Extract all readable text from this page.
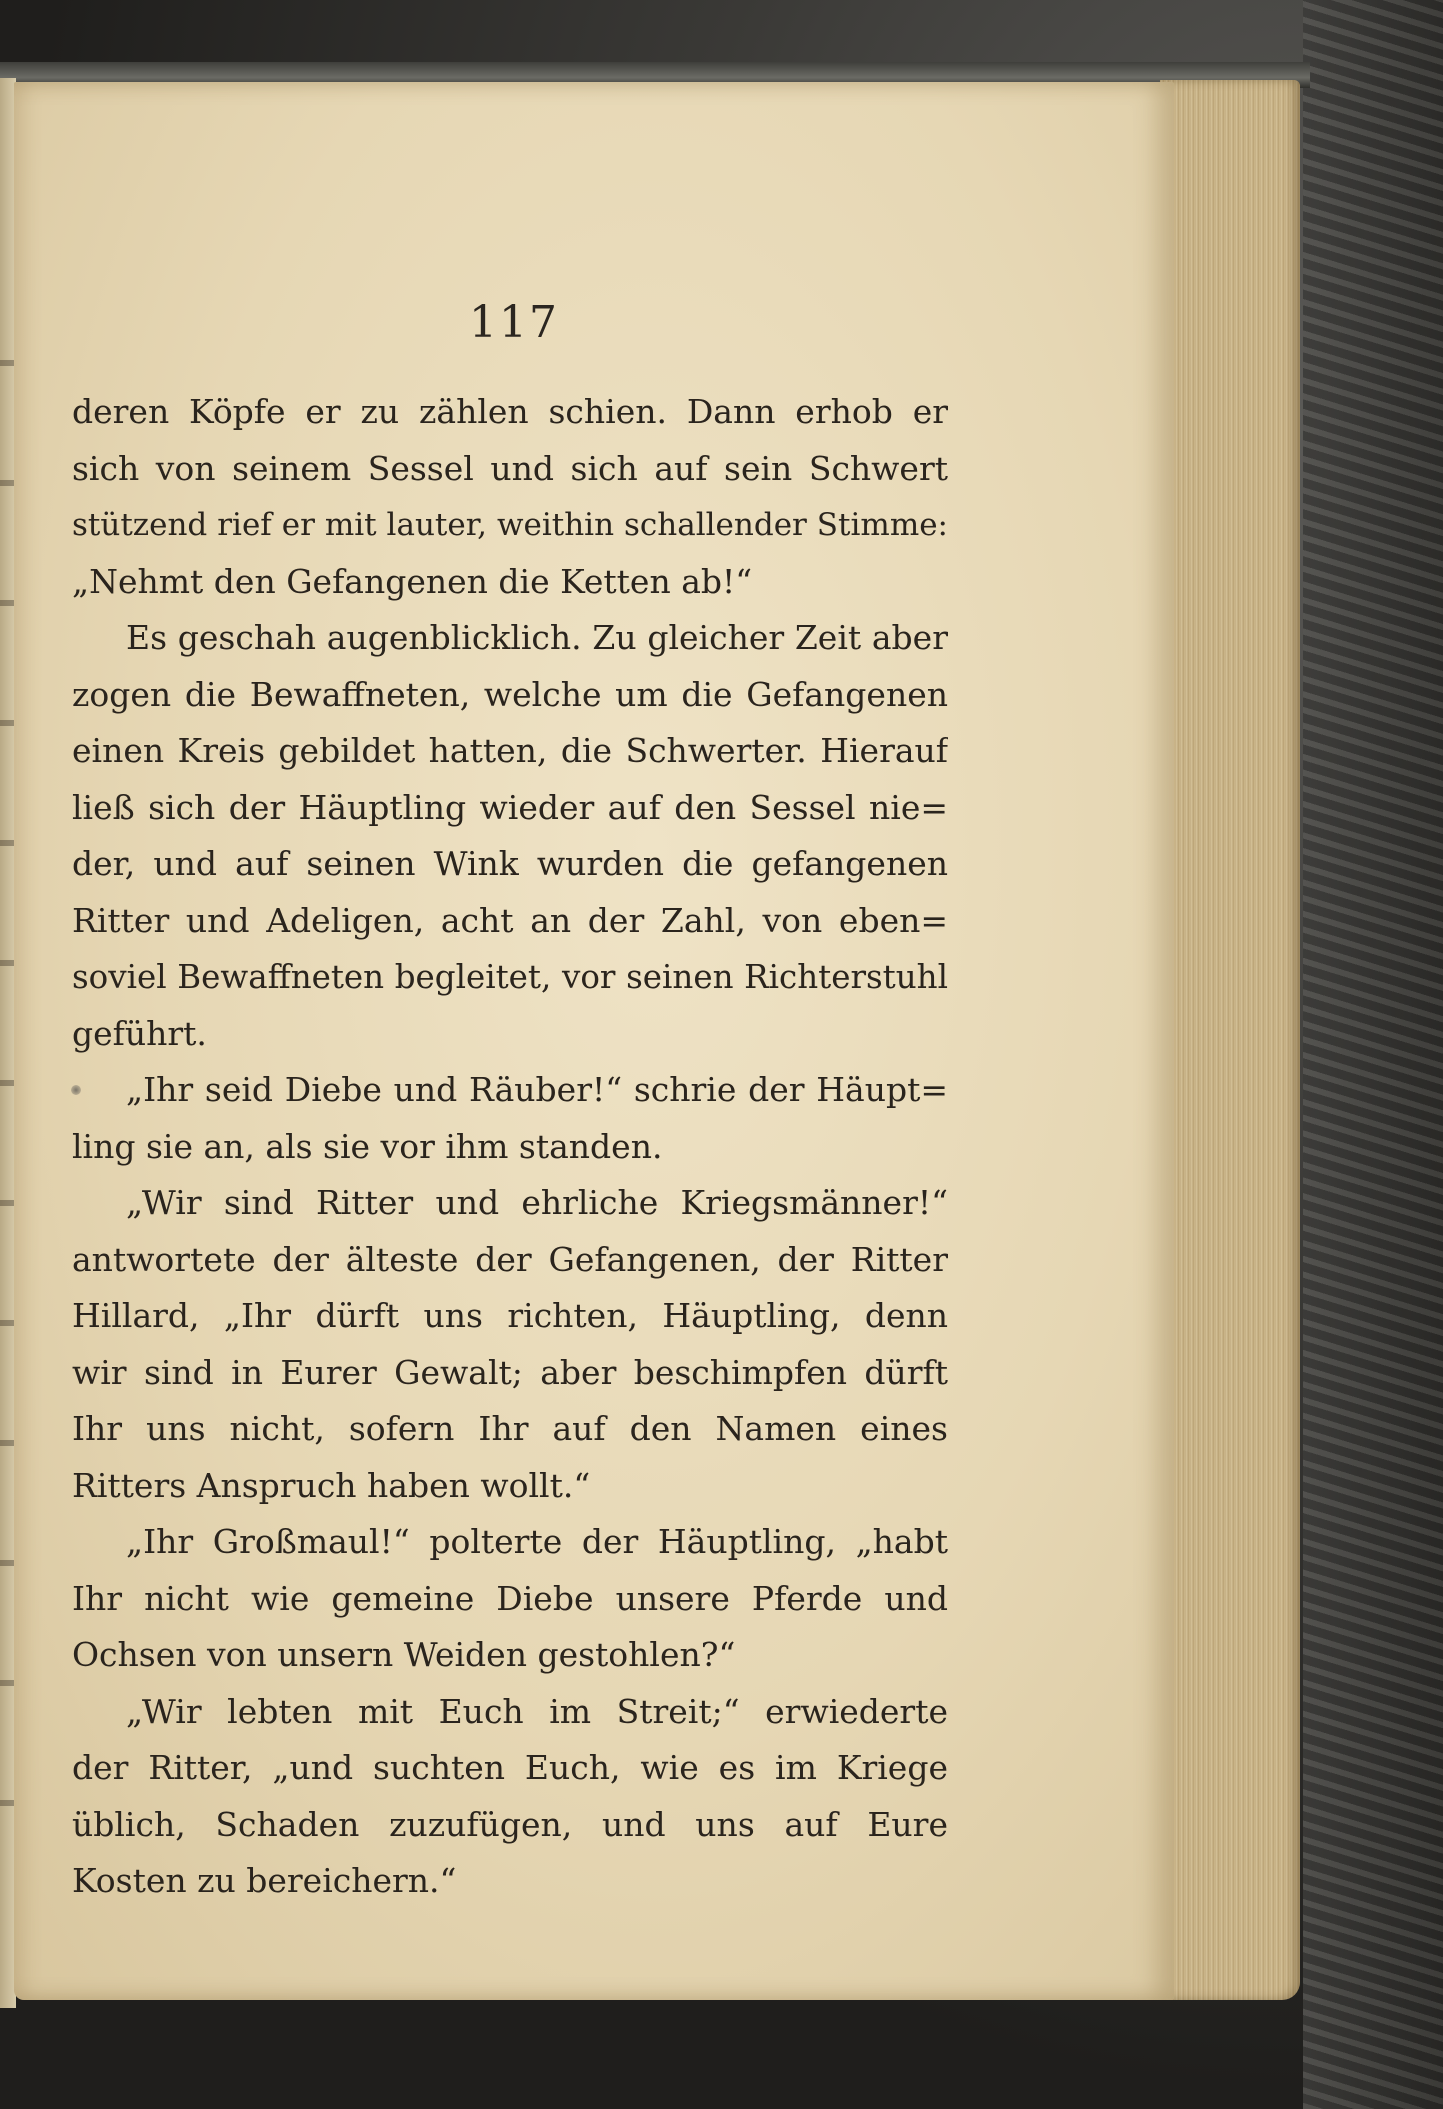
117
deren Köpfe er zu zählen schien. Dann erhob er
sich von seinem Sessel und sich auf sein Schwert
stützend rief er mit lauter, weithin schallender Stimme:
„Nehmt den Gefangenen die Ketten ab!“
Es geschah augenblicklich. Zu gleicher Zeit aber
zogen die Bewaffneten, welche um die Gefangenen
einen Kreis gebildet hatten, die Schwerter. Hierauf
ließ sich der Häuptling wieder auf den Sessel nie=
der, und auf seinen Wink wurden die gefangenen
Ritter und Adeligen, acht an der Zahl, von eben=
soviel Bewaffneten begleitet, vor seinen Richterstuhl
geführt.
„Ihr seid Diebe und Räuber!“ schrie der Häupt=
ling sie an, als sie vor ihm standen.
„Wir sind Ritter und ehrliche Kriegsmänner!“
antwortete der älteste der Gefangenen, der Ritter
Hillard, „Ihr dürft uns richten, Häuptling, denn
wir sind in Eurer Gewalt; aber beschimpfen dürft
Ihr uns nicht, sofern Ihr auf den Namen eines
Ritters Anspruch haben wollt.“
„Ihr Großmaul!“ polterte der Häuptling, „habt
Ihr nicht wie gemeine Diebe unsere Pferde und
Ochsen von unsern Weiden gestohlen?“
„Wir lebten mit Euch im Streit;“ erwiederte
der Ritter, „und suchten Euch, wie es im Kriege
üblich, Schaden zuzufügen, und uns auf Eure
Kosten zu bereichern.“
